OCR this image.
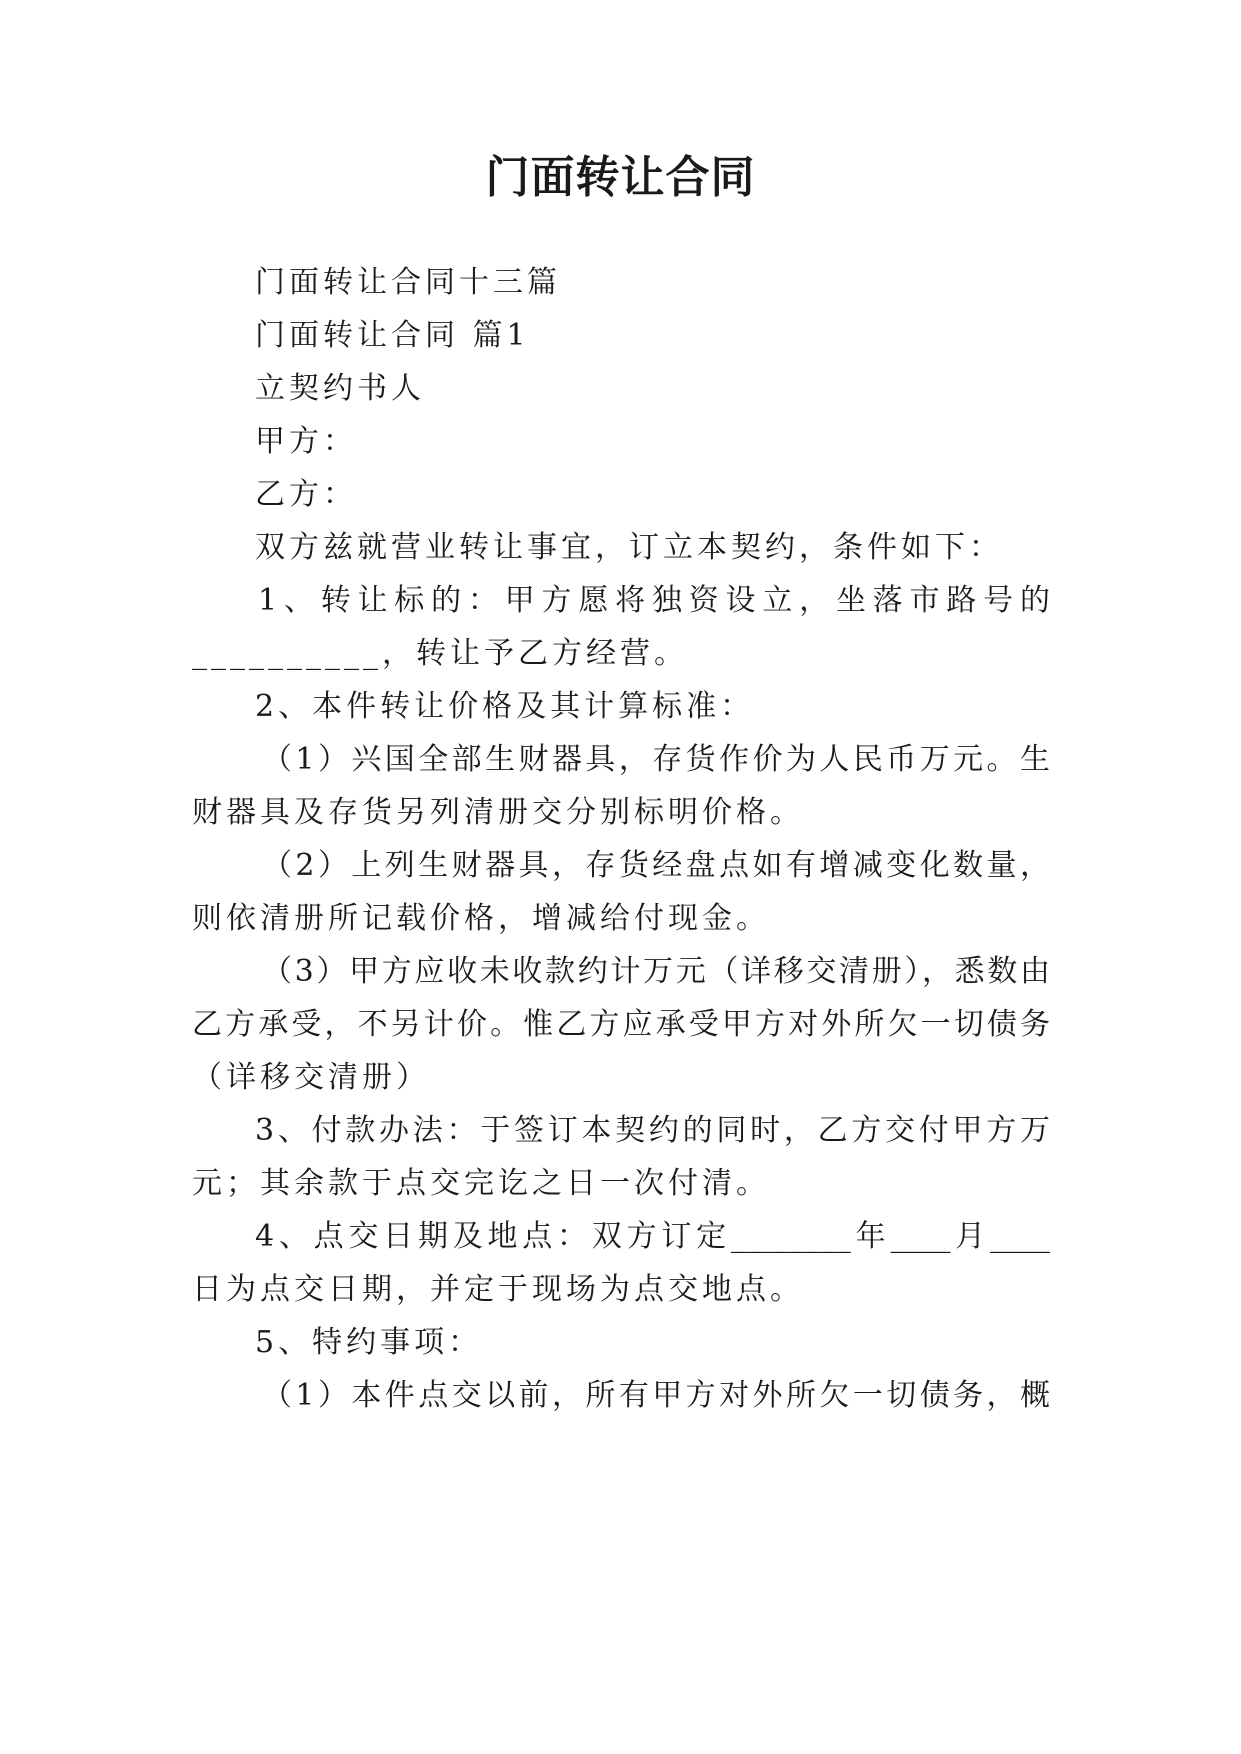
门面转让合同
门面转让合同十三篇
门面转让合同 篇1
立契约书人
甲方：
乙方：
双方兹就营业转让事宜，订立本契约，条件如下：
1、转让标的：甲方愿将独资设立，坐落市路号的
__________，转让予乙方经营。
2、本件转让价格及其计算标准：
（1）兴国全部生财器具，存货作价为人民币万元。生
财器具及存货另列清册交分别标明价格。
（2）上列生财器具，存货经盘点如有增减变化数量，
则依清册所记载价格，增减给付现金。
（3）甲方应收未收款约计万元（详移交清册），悉数由
乙方承受，不另计价。惟乙方应承受甲方对外所欠一切债务
（详移交清册）
3、付款办法：于签订本契约的同时，乙方交付甲方万
元；其余款于点交完讫之日一次付清。
4、点交日期及地点：双方订定________年____月____
日为点交日期，并定于现场为点交地点。
5、特约事项：
（1）本件点交以前，所有甲方对外所欠一切债务，概
